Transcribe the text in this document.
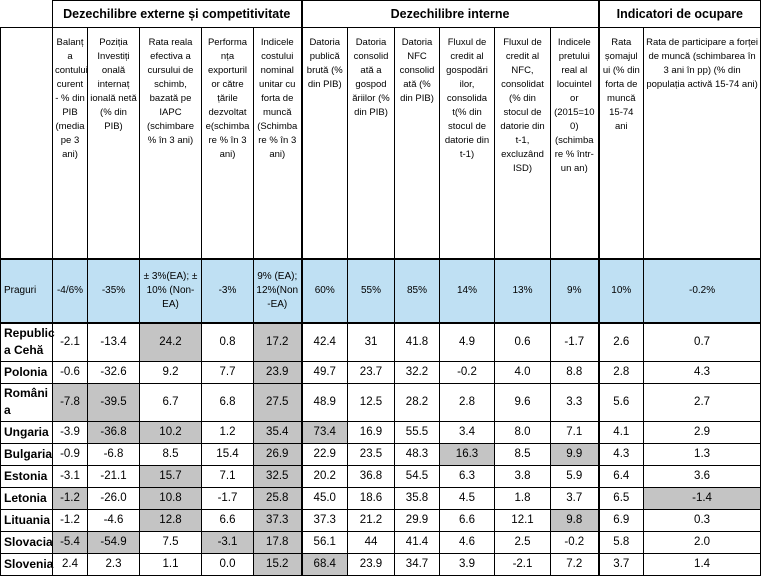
	Dezechilibre externe și competitivitate					Dezechilibre interne						Indicatori de ocupare	

	Balanț a contului curent - % din PIB (media pe 3 ani)	Poziția Investiți onală internaț ională netă (% din PIB)	Rata reala efectiva a cursului de schimb, bazată pe IAPC (schimbare % în 3 ani)	Performa nța exporturil or către țările dezvoltat e(schimba re % în 3 ani)	Indicele costului nominal unitar cu forta de muncă (Schimba re % în 3 ani)	Datoria publică brută (% din PIB)	Datoria consolid ată a gospod ăriilor (% din PIB)	Datoria NFC consolid ată (% din PIB)	Fluxul de credit al gospodări ilor, consolida t(% din stocul de datorie din t-1)	Fluxul de credit al NFC, consolidat (% din stocul de datorie din t-1, excluzând ISD)	Indicele pretului real al locuintel or (2015=10 0) (schimba re % într-un an)	Rata șomajul ui (% din forta de muncă 15-74 ani	Rata de participare a forței de muncă (schimbarea în 3 ani în pp) (% din populația activă 15-74 ani)

Praguri	-4/6%	-35%	± 3%(EA); ± 10% (Non-EA)	-3%	9% (EA); 12%(Non -EA)	60%	55%	85%	14%	13%	9%	10%	-0.2%
Republic a Cehă	-2.1	-13.4	24.2	0.8	17.2	42.4	31	41.8	4.9	0.6	-1.7	2.6	0.7
Polonia	-0.6	-32.6	9.2	7.7	23.9	49.7	23.7	32.2	-0.2	4.0	8.8	2.8	4.3
Români a	-7.8	-39.5	6.7	6.8	27.5	48.9	12.5	28.2	2.8	9.6	3.3	5.6	2.7
Ungaria	-3.9	-36.8	10.2	1.2	35.4	73.4	16.9	55.5	3.4	8.0	7.1	4.1	2.9
Bulgaria	-0.9	-6.8	8.5	15.4	26.9	22.9	23.5	48.3	16.3	8.5	9.9	4.3	1.3
Estonia	-3.1	-21.1	15.7	7.1	32.5	20.2	36.8	54.5	6.3	3.8	5.9	6.4	3.6
Letonia	-1.2	-26.0	10.8	-1.7	25.8	45.0	18.6	35.8	4.5	1.8	3.7	6.5	-1.4
Lituania	-1.2	-4.6	12.8	6.6	37.3	37.3	21.2	29.9	6.6	12.1	9.8	6.9	0.3
Slovacia	-5.4	-54.9	7.5	-3.1	17.8	56.1	44	41.4	4.6	2.5	-0.2	5.8	2.0
Slovenia	2.4	2.3	1.1	0.0	15.2	68.4	23.9	34.7	3.9	-2.1	7.2	3.7	1.4
